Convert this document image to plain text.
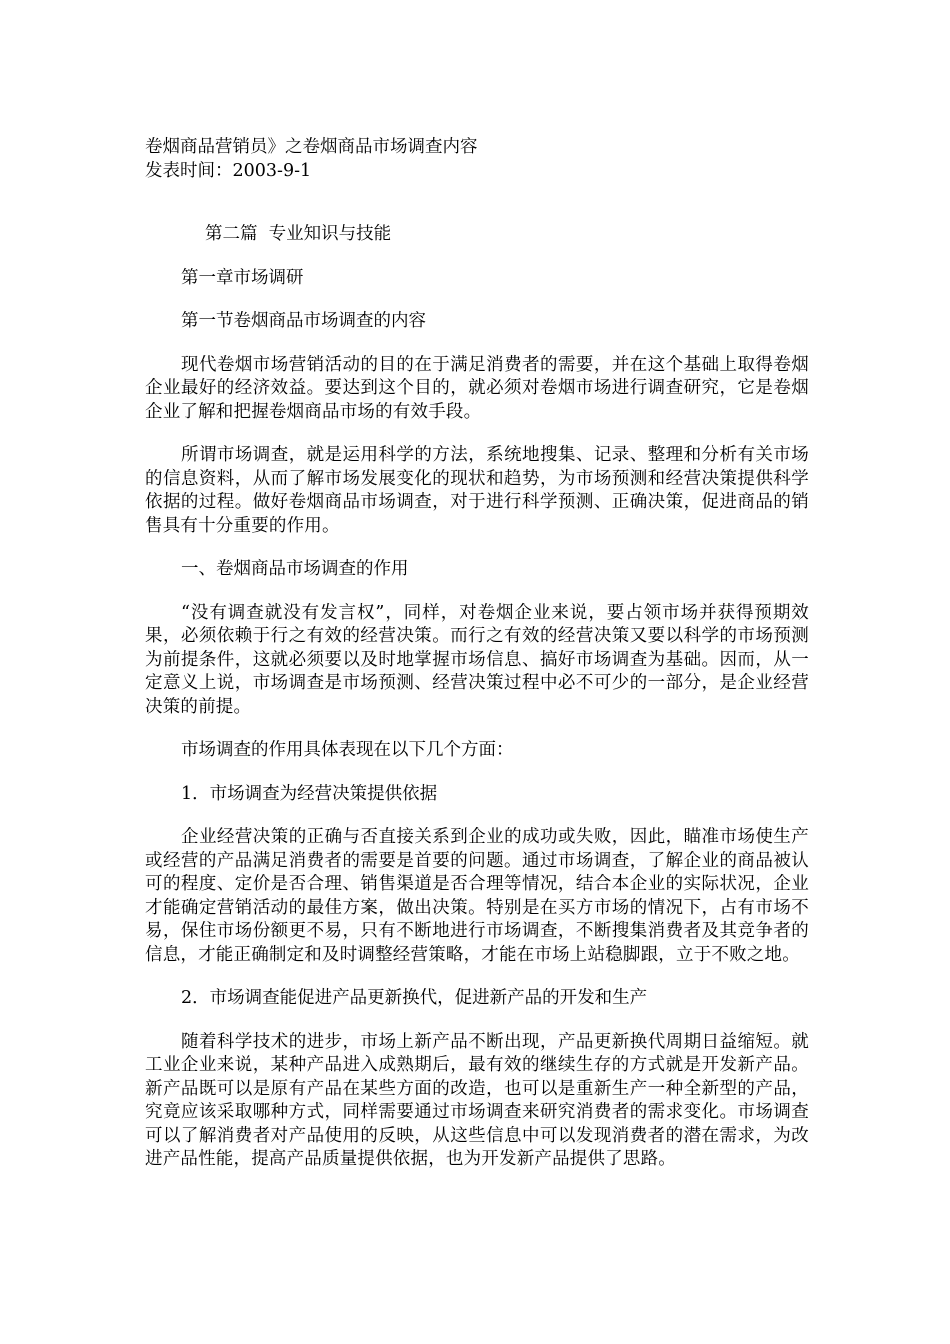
卷烟商品营销员》之卷烟商品市场调查内容

发表时间：2003-9-1

第二篇  专业知识与技能

第一章市场调研

第一节卷烟商品市场调查的内容

现代卷烟市场营销活动的目的在于满足消费者的需要，并在这个基础上取得卷烟企业最好的经济效益。要达到这个目的，就必须对卷烟市场进行调查研究，它是卷烟企业了解和把握卷烟商品市场的有效手段。

所谓市场调查，就是运用科学的方法，系统地搜集、记录、整理和分析有关市场的信息资料，从而了解市场发展变化的现状和趋势，为市场预测和经营决策提供科学依据的过程。做好卷烟商品市场调查，对于进行科学预测、正确决策，促进商品的销售具有十分重要的作用。

一、卷烟商品市场调查的作用

“没有调查就没有发言权”，同样，对卷烟企业来说，要占领市场并获得预期效果，必须依赖于行之有效的经营决策。而行之有效的经营决策又要以科学的市场预测为前提条件，这就必须要以及时地掌握市场信息、搞好市场调查为基础。因而，从一定意义上说，市场调查是市场预测、经营决策过程中必不可少的一部分，是企业经营决策的前提。

市场调查的作用具体表现在以下几个方面：

1．市场调查为经营决策提供依据

企业经营决策的正确与否直接关系到企业的成功或失败，因此，瞄准市场使生产或经营的产品满足消费者的需要是首要的问题。通过市场调查，了解企业的商品被认可的程度、定价是否合理、销售渠道是否合理等情况，结合本企业的实际状况，企业才能确定营销活动的最佳方案，做出决策。特别是在买方市场的情况下，占有市场不易，保住市场份额更不易，只有不断地进行市场调查，不断搜集消费者及其竞争者的信息，才能正确制定和及时调整经营策略，才能在市场上站稳脚跟，立于不败之地。

2．市场调查能促进产品更新换代，促进新产品的开发和生产

随着科学技术的进步，市场上新产品不断出现，产品更新换代周期日益缩短。就工业企业来说，某种产品进入成熟期后，最有效的继续生存的方式就是开发新产品。新产品既可以是原有产品在某些方面的改造，也可以是重新生产一种全新型的产品，究竟应该采取哪种方式，同样需要通过市场调查来研究消费者的需求变化。市场调查可以了解消费者对产品使用的反映，从这些信息中可以发现消费者的潜在需求，为改进产品性能，提高产品质量提供依据，也为开发新产品提供了思路。
